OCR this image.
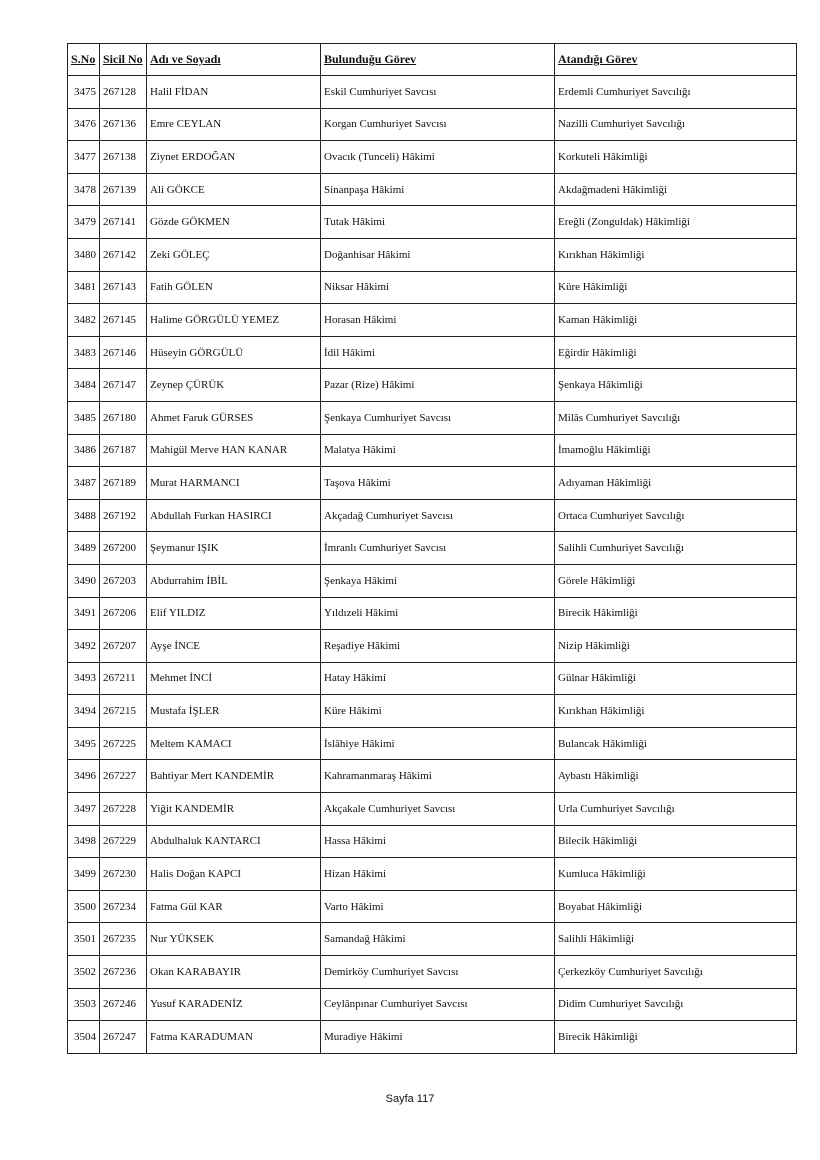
S.No	Sicil No	Adı ve Soyadı	Bulunduğu Görev	Atandığı Görev
3475	267128	Halil FİDAN	Eskil Cumhuriyet Savcısı	Erdemli Cumhuriyet Savcılığı
3476	267136	Emre CEYLAN	Korgan Cumhuriyet Savcısı	Nazilli Cumhuriyet Savcılığı
3477	267138	Ziynet ERDOĞAN	Ovacık (Tunceli) Hâkimi	Korkuteli Hâkimliği
3478	267139	Ali GÖKCE	Sinanpaşa Hâkimi	Akdağmadeni Hâkimliği
3479	267141	Gözde GÖKMEN	Tutak Hâkimi	Ereğli (Zonguldak) Hâkimliği
3480	267142	Zeki GÖLEÇ	Doğanhisar Hâkimi	Kırıkhan Hâkimliği
3481	267143	Fatih GÖLEN	Niksar Hâkimi	Küre Hâkimliği
3482	267145	Halime GÖRGÜLÜ YEMEZ	Horasan Hâkimi	Kaman Hâkimliği
3483	267146	Hüseyin GÖRGÜLÜ	İdil Hâkimi	Eğirdir Hâkimliği
3484	267147	Zeynep ÇÜRÜK	Pazar (Rize) Hâkimi	Şenkaya Hâkimliği
3485	267180	Ahmet Faruk GÜRSES	Şenkaya Cumhuriyet Savcısı	Milâs Cumhuriyet Savcılığı
3486	267187	Mahigül Merve HAN KANAR	Malatya Hâkimi	İmamoğlu Hâkimliği
3487	267189	Murat HARMANCI	Taşova Hâkimi	Adıyaman Hâkimliği
3488	267192	Abdullah Furkan HASIRCI	Akçadağ Cumhuriyet Savcısı	Ortaca Cumhuriyet Savcılığı
3489	267200	Şeymanur IŞIK	İmranlı Cumhuriyet Savcısı	Salihli Cumhuriyet Savcılığı
3490	267203	Abdurrahim İBİL	Şenkaya Hâkimi	Görele Hâkimliği
3491	267206	Elif YILDIZ	Yıldızeli Hâkimi	Birecik Hâkimliği
3492	267207	Ayşe İNCE	Reşadiye Hâkimi	Nizip Hâkimliği
3493	267211	Mehmet İNCİ	Hatay Hâkimi	Gülnar Hâkimliği
3494	267215	Mustafa İŞLER	Küre Hâkimi	Kırıkhan Hâkimliği
3495	267225	Meltem KAMACI	İslâhiye Hâkimi	Bulancak Hâkimliği
3496	267227	Bahtiyar Mert KANDEMİR	Kahramanmaraş Hâkimi	Aybastı Hâkimliği
3497	267228	Yiğit KANDEMİR	Akçakale Cumhuriyet Savcısı	Urla Cumhuriyet Savcılığı
3498	267229	Abdulhaluk KANTARCI	Hassa Hâkimi	Bilecik Hâkimliği
3499	267230	Halis Doğan KAPCI	Hizan Hâkimi	Kumluca Hâkimliği
3500	267234	Fatma Gül KAR	Varto Hâkimi	Boyabat Hâkimliği
3501	267235	Nur YÜKSEK	Samandağ Hâkimi	Salihli Hâkimliği
3502	267236	Okan KARABAYIR	Demirköy Cumhuriyet Savcısı	Çerkezköy Cumhuriyet Savcılığı
3503	267246	Yusuf KARADENİZ	Ceylânpınar Cumhuriyet Savcısı	Didim Cumhuriyet Savcılığı
3504	267247	Fatma KARADUMAN	Muradiye Hâkimi	Birecik Hâkimliği
Sayfa 117
